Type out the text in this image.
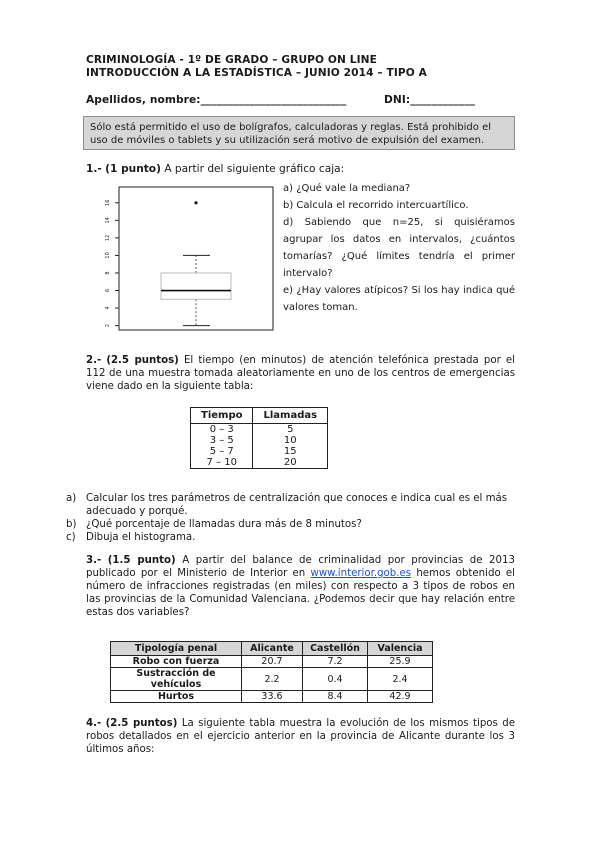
CRIMINOLOGÍA - 1º DE GRADO – GRUPO ON LINE
INTRODUCCIÓN A LA ESTADÍSTICA – JUNIO 2014 – TIPO A
Apellidos, nombre:___________________________	DNI:____________
Sólo está permitido el uso de bolígrafos, calculadoras y reglas. Está prohibido el uso de móviles o tablets y su utilización será motivo de expulsión del examen.
1.- (1 punto) A partir del siguiente gráfico caja:
2
4
6
8
10
12
14
16
a) ¿Qué vale la mediana?
b) Calcula el recorrido intercuartílico.
d) Sabiendo que n=25, si quisiéramos agrupar los datos en intervalos, ¿cuántos tomarías? ¿Qué límites tendría el primer intervalo?
e) ¿Hay valores atípicos? Si los hay indica qué valores toman.
2.- (2.5 puntos) El tiempo (en minutos) de atención telefónica prestada por el 112 de una muestra tomada aleatoriamente en uno de los centros de emergencias viene dado en la siguiente tabla:
Tiempo	Llamadas
0 – 3	5
3 – 5	10
5 – 7	15
7 – 10	20
a) Calcular los tres parámetros de centralización que conoces e indica cual es el más adecuado y porqué.
b) ¿Qué porcentaje de llamadas dura más de 8 minutos?
c)	Dibuja el histograma.
3.- (1.5 punto) A partir del balance de criminalidad por provincias de 2013 publicado por el Ministerio de Interior en www.interior.gob.es hemos obtenido el número de infracciones registradas (en miles) con respecto a 3 tipos de robos en las provincias de la Comunidad Valenciana. ¿Podemos decir que hay relación entre estas dos variables?
Tipología penal	Alicante	Castellón	Valencia
Robo con fuerza	20.7	7.2	25.9
Sustracción de vehículos	2.2	0.4	2.4
Hurtos	33.6	8.4	42.9
4.- (2.5 puntos) La siguiente tabla muestra la evolución de los mismos tipos de robos detallados en el ejercicio anterior en la provincia de Alicante durante los 3 últimos años:
